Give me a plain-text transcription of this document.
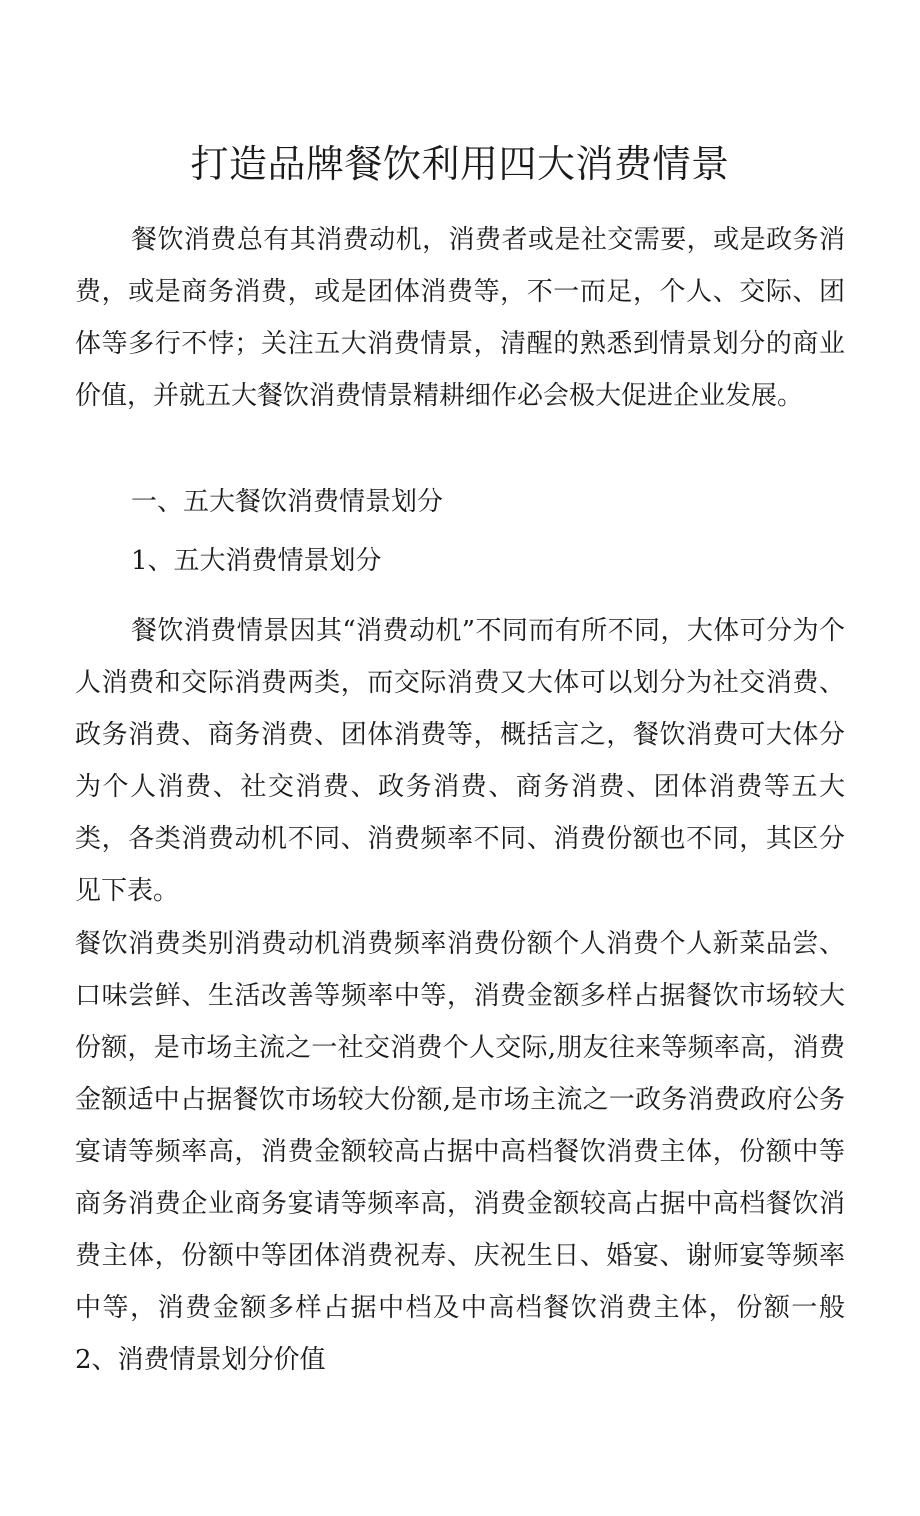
打造品牌餐饮利用四大消费情景

餐饮消费总有其消费动机，消费者或是社交需要，或是政务消费，或是商务消费，或是团体消费等，不一而足，个人、交际、团体等多行不悖；关注五大消费情景，清醒的熟悉到情景划分的商业价值，并就五大餐饮消费情景精耕细作必会极大促进企业发展。

一、五大餐饮消费情景划分

1、五大消费情景划分

餐饮消费情景因其“消费动机”不同而有所不同，大体可分为个人消费和交际消费两类，而交际消费又大体可以划分为社交消费、政务消费、商务消费、团体消费等，概括言之，餐饮消费可大体分为个人消费、社交消费、政务消费、商务消费、团体消费等五大类，各类消费动机不同、消费频率不同、消费份额也不同，其区分见下表。

餐饮消费类别消费动机消费频率消费份额个人消费个人新菜品尝、口味尝鲜、生活改善等频率中等，消费金额多样占据餐饮市场较大份额，是市场主流之一社交消费个人交际,朋友往来等频率高，消费金额适中占据餐饮市场较大份额,是市场主流之一政务消费政府公务宴请等频率高，消费金额较高占据中高档餐饮消费主体，份额中等商务消费企业商务宴请等频率高，消费金额较高占据中高档餐饮消费主体，份额中等团体消费祝寿、庆祝生日、婚宴、谢师宴等频率中等，消费金额多样占据中档及中高档餐饮消费主体，份额一般2、消费情景划分价值
